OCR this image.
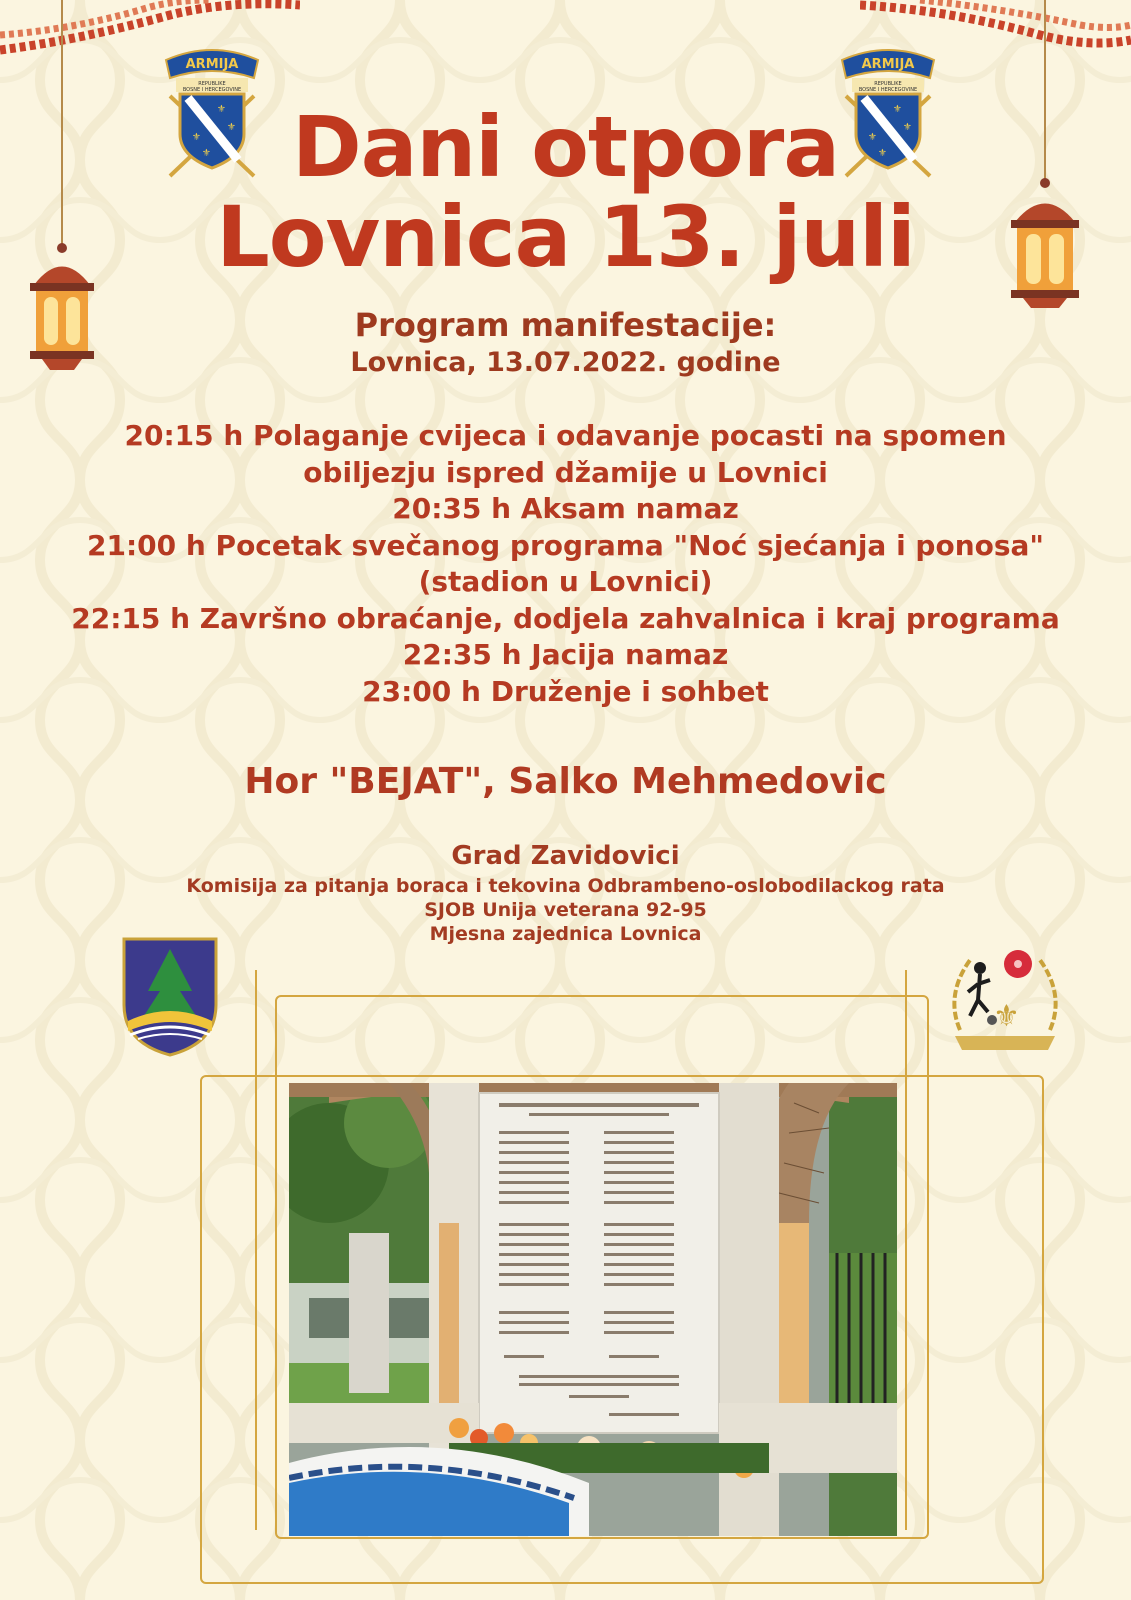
ARMIJA
REPUBLIKE
BOSNE I HERCEGOVINE
⚜
⚜
⚜
⚜
ARMIJA
REPUBLIKE
BOSNE I HERCEGOVINE
⚜
⚜
⚜
⚜
Dani otpora
Lovnica 13. juli
Program manifestacije:
Lovnica, 13.07.2022. godine
20:15 h Polaganje cvijeca i odavanje pocasti na spomen
obiljezju ispred džamije u Lovnici
20:35 h Aksam namaz
21:00 h Pocetak svečanog programa "Noć sjećanja i ponosa"
(stadion u Lovnici)
22:15 h Završno obraćanje, dodjela zahvalnica i kraj programa
22:35 h Jacija namaz
23:00 h Druženje i sohbet
Hor "BEJAT", Salko Mehmedovic
Grad Zavidovici
Komisija za pitanja boraca i tekovina Odbrambeno-oslobodilackog rata
SJOB Unija veterana 92-95
Mjesna zajednica Lovnica
⚜
